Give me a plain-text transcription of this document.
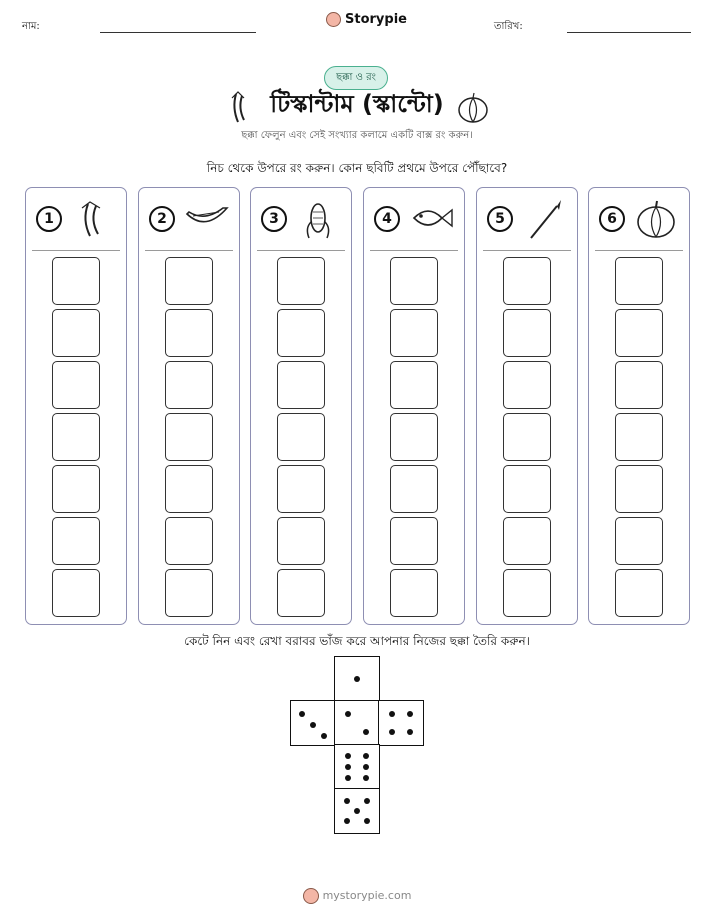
নাম:	Storypie	তারিখ:
ছক্কা ও রং
টিস্কান্টাম (স্কান্টো)
ছক্কা ফেলুন এবং সেই সংখ্যার কলামে একটি বাক্স রং করুন।
নিচ থেকে উপরে রং করুন। কোন ছবিটি প্রথমে উপরে পৌঁছাবে?
1	2	3	4	5	6
কেটে নিন এবং রেখা বরাবর ভাঁজ করে আপনার নিজের ছক্কা তৈরি করুন।
mystorypie.com
